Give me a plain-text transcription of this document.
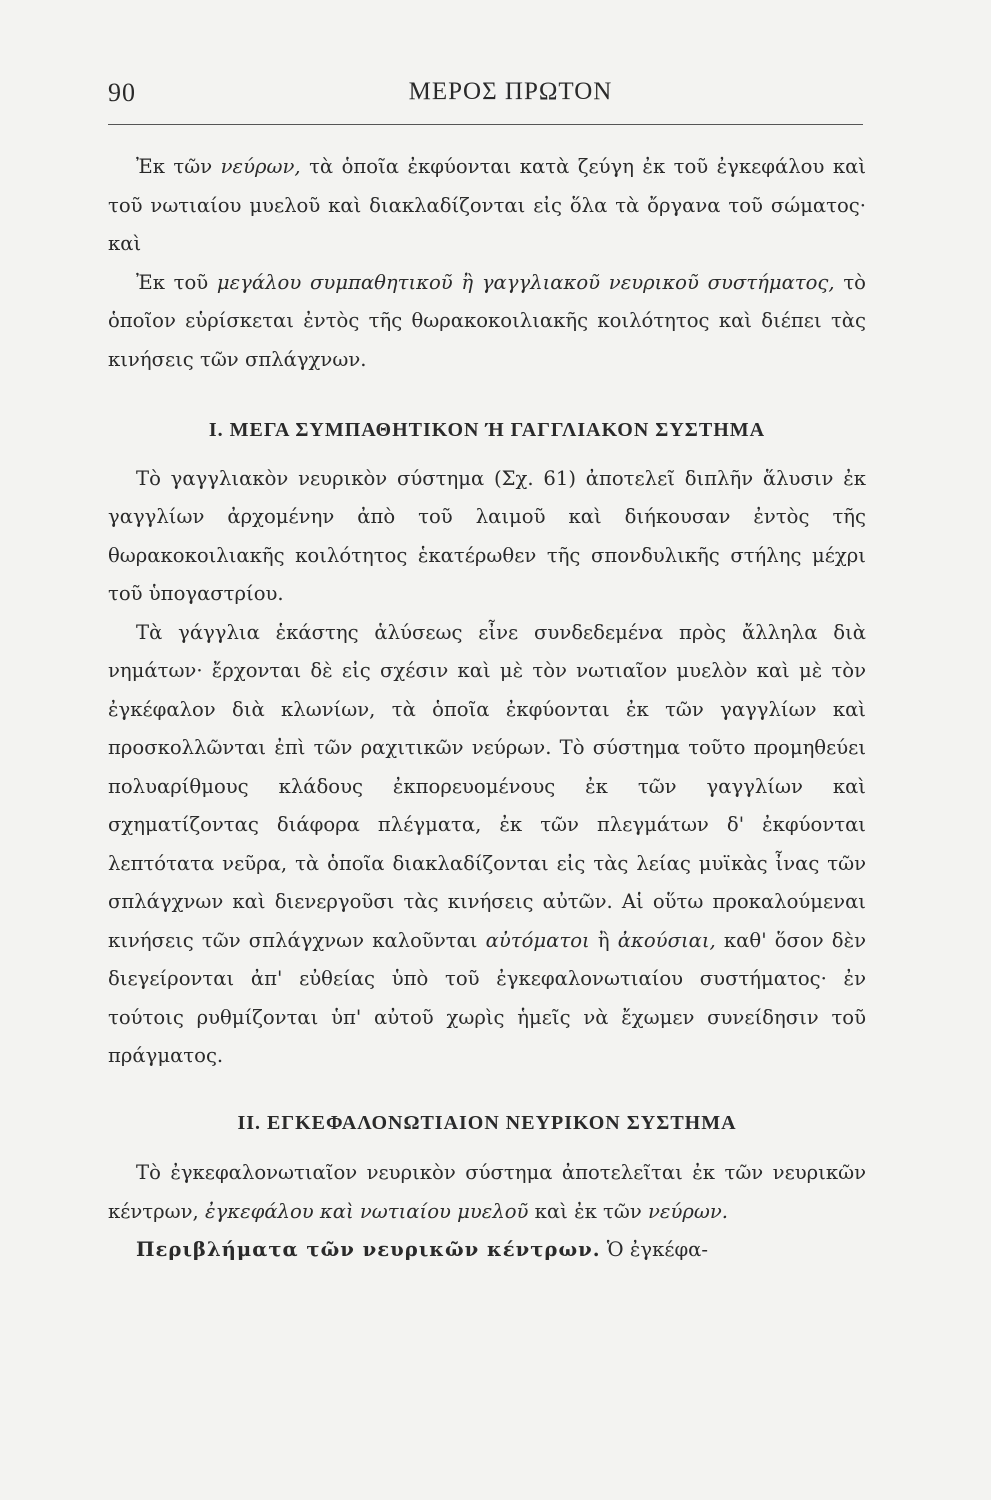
90	ΜΕΡΟΣ ΠΡΩΤΟΝ

Ἐκ τῶν νεύρων, τὰ ὁποῖα ἐκφύονται κατὰ ζεύγη ἐκ τοῦ ἐγκεφάλου καὶ τοῦ νωτιαίου μυελοῦ καὶ διακλαδίζονται εἰς ὅλα τὰ ὄργανα τοῦ σώματος· καὶ

Ἐκ τοῦ μεγάλου συμπαθητικοῦ ἢ γαγγλιακοῦ νευρικοῦ συστήματος, τὸ ὁποῖον εὑρίσκεται ἐντὸς τῆς θωρακοκοιλιακῆς κοιλότητος καὶ διέπει τὰς κινήσεις τῶν σπλάγχνων.

I. ΜΕΓΑ ΣΥΜΠΑΘΗΤΙΚΟΝ Ή ΓΑΓΓΛΙΑΚΟΝ ΣΥΣΤΗΜΑ

Τὸ γαγγλιακὸν νευρικὸν σύστημα (Σχ. 61) ἀποτελεῖ διπλῆν ἅλυσιν ἐκ γαγγλίων ἀρχομένην ἀπὸ τοῦ λαιμοῦ καὶ διήκουσαν ἐντὸς τῆς θωρακοκοιλιακῆς κοιλότητος ἑκατέρωθεν τῆς σπονδυλικῆς στήλης μέχρι τοῦ ὑπογαστρίου.

Τὰ γάγγλια ἑκάστης ἁλύσεως εἶνε συνδεδεμένα πρὸς ἄλληλα διὰ νημάτων· ἔρχονται δὲ εἰς σχέσιν καὶ μὲ τὸν νωτιαῖον μυελὸν καὶ μὲ τὸν ἐγκέφαλον διὰ κλωνίων, τὰ ὁποῖα ἐκφύονται ἐκ τῶν γαγγλίων καὶ προσκολλῶνται ἐπὶ τῶν ραχιτικῶν νεύρων. Τὸ σύστημα τοῦτο προμηθεύει πολυαρίθμους κλάδους ἐκπορευομένους ἐκ τῶν γαγγλίων καὶ σχηματίζοντας διάφορα πλέγματα, ἐκ τῶν πλεγμάτων δ' ἐκφύονται λεπτότατα νεῦρα, τὰ ὁποῖα διακλαδίζονται εἰς τὰς λείας μυϊκὰς ἶνας τῶν σπλάγχνων καὶ διενεργοῦσι τὰς κινήσεις αὐτῶν. Αἱ οὕτω προκαλούμεναι κινήσεις τῶν σπλάγχνων καλοῦνται αὐτόματοι ἢ ἀκούσιαι, καθ' ὅσον δὲν διεγείρονται ἀπ' εὐθείας ὑπὸ τοῦ ἐγκεφαλονωτιαίου συστήματος· ἐν τούτοις ρυθμίζονται ὑπ' αὐτοῦ χωρὶς ἡμεῖς νὰ ἔχωμεν συνείδησιν τοῦ πράγματος.

II. ΕΓΚΕΦΑΛΟΝΩΤΙΑΙΟΝ ΝΕΥΡΙΚΟΝ ΣΥΣΤΗΜΑ

Τὸ ἐγκεφαλονωτιαῖον νευρικὸν σύστημα ἀποτελεῖται ἐκ τῶν νευρικῶν κέντρων, ἐγκεφάλου καὶ νωτιαίου μυελοῦ καὶ ἐκ τῶν νεύρων.

Περιβλήματα τῶν νευρικῶν κέντρων. Ὁ ἐγκέφα-
